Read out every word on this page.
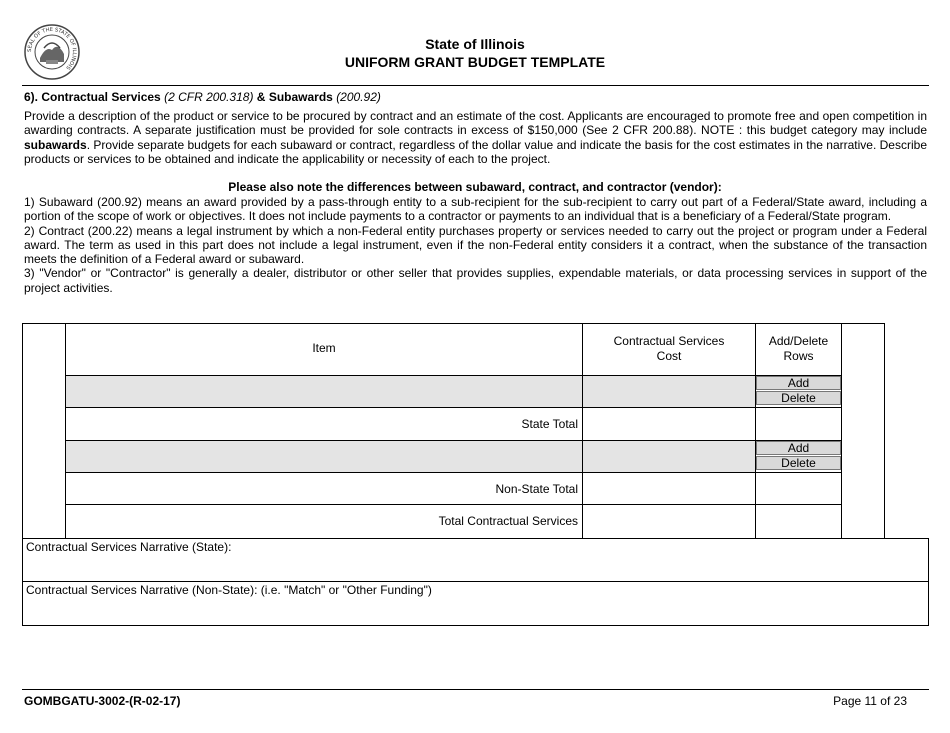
SEAL OF THE STATE OF ILLINOIS
State of Illinois
UNIFORM GRANT BUDGET TEMPLATE
6). Contractual Services (2 CFR 200.318) & Subawards (200.92)
Provide a description of the product or service to be procured by contract and an estimate of the cost. Applicants are encouraged to promote free and open competition in
awarding contracts. A separate justification must be provided for sole contracts in excess of $150,000 (See 2 CFR 200.88). NOTE : this budget category may include
subawards. Provide separate budgets for each subaward or contract, regardless of the dollar value and indicate the basis for the cost estimates in the narrative. Describe
products or services to be obtained and indicate the applicability or necessity of each to the project.
Please also note the differences between subaward, contract, and contractor (vendor):
1) Subaward (200.92) means an award provided by a pass-through entity to a sub-recipient for the sub-recipient to carry out part of a Federal/State award, including a
portion of the scope of work or objectives. It does not include payments to a contractor or payments to an individual that is a beneficiary of a Federal/State program.
2) Contract (200.22) means a legal instrument by which a non-Federal entity purchases property or services needed to carry out the project or program under a Federal
award. The term as used in this part does not include a legal instrument, even if the non-Federal entity considers it a contract, when the substance of the transaction
meets the definition of a Federal award or subaward.
3) "Vendor" or "Contractor" is generally a dealer, distributor or other seller that provides supplies, expendable materials, or data processing services in support of the
project activities.
Item	Contractual Services
Cost
Add/Delete
Rows
Add
Delete
State Total
Add
Delete
Non-State Total
Total Contractual Services
Contractual Services Narrative (State):
Contractual Services Narrative (Non-State): (i.e. "Match" or "Other Funding")
GOMBGATU-3002-(R-02-17)	Page 11 of 23
